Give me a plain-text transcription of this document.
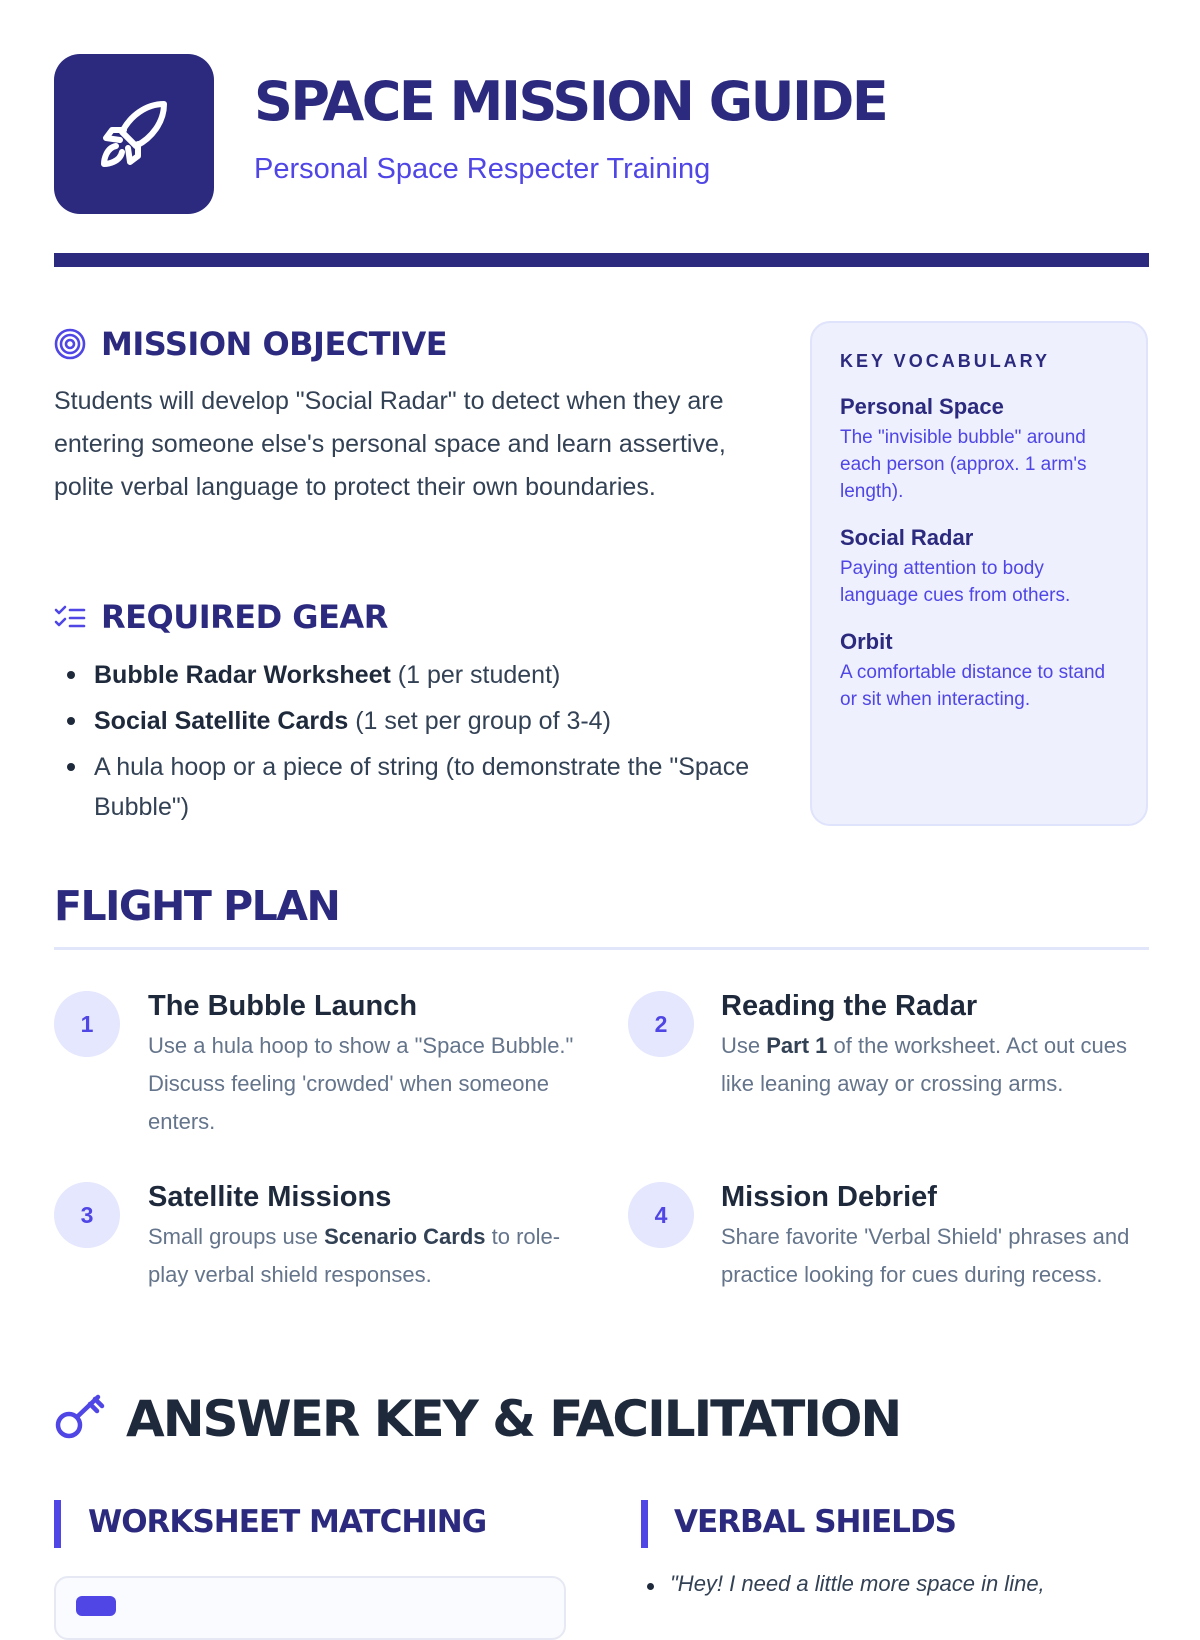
SPACE MISSION GUIDE
Personal Space Respecter Training
MISSION OBJECTIVE

Students will develop "Social Radar" to detect when they are entering someone else's personal space and learn assertive, polite verbal language to protect their own boundaries.

REQUIRED GEAR
Bubble Radar Worksheet (1 per student)
Social Satellite Cards (1 set per group of 3-4)
A hula hoop or a piece of string (to demonstrate the "Space Bubble")
KEY VOCABULARY
Personal Space
The "invisible bubble" around each person (approx. 1 arm's length).
Social Radar
Paying attention to body language cues from others.
Orbit
A comfortable distance to stand or sit when interacting.
FLIGHT PLAN
1
The Bubble Launch

Use a hula hoop to show a "Space Bubble." Discuss feeling 'crowded' when someone enters.

2
Reading the Radar

Use Part 1 of the worksheet. Act out cues like leaning away or crossing arms.

3
Satellite Missions

Small groups use Scenario Cards to role-play verbal shield responses.

4
Mission Debrief

Share favorite 'Verbal Shield' phrases and practice looking for cues during recess.

ANSWER KEY & FACILITATION
WORKSHEET MATCHING	VERBAL SHIELDS
"Hey! I need a little more space in line,
